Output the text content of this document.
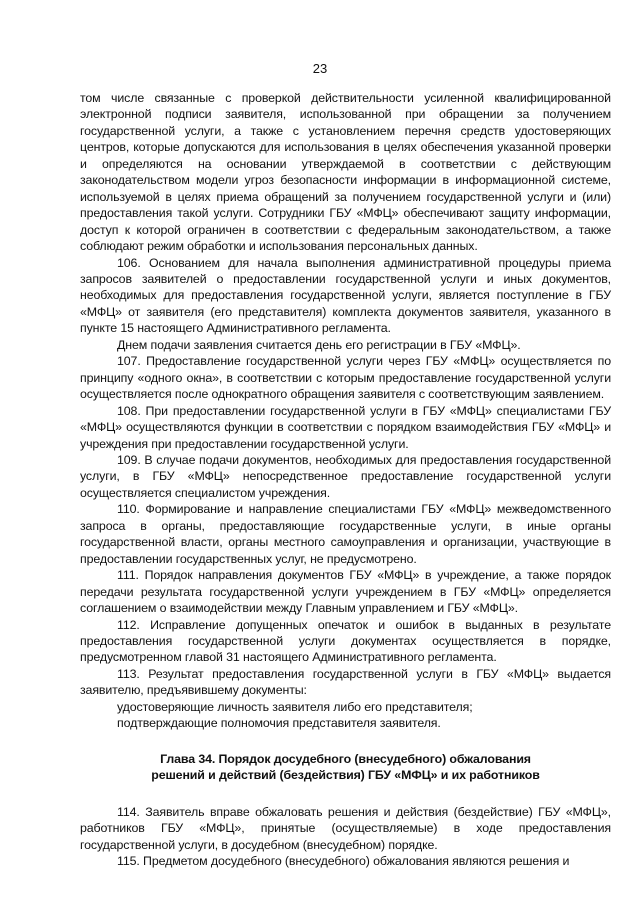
23

том числе связанные с проверкой действительности усиленной квалифицированной электронной подписи заявителя, использованной при обращении за получением государственной услуги, а также с установлением перечня средств удостоверяющих центров, которые допускаются для использования в целях обеспечения указанной проверки и определяются на основании утверждаемой в соответствии с действующим законодательством модели угроз безопасности информации в информационной системе, используемой в целях приема обращений за получением государственной услуги и (или) предоставления такой услуги. Сотрудники ГБУ «МФЦ» обеспечивают защиту информации, доступ к которой ограничен в соответствии с федеральным законодательством, а также соблюдают режим обработки и использования персональных данных.

106. Основанием для начала выполнения административной процедуры приема запросов заявителей о предоставлении государственной услуги и иных документов, необходимых для предоставления государственной услуги, является поступление в ГБУ «МФЦ» от заявителя (его представителя) комплекта документов заявителя, указанного в пункте 15 настоящего Административного регламента.

Днем подачи заявления считается день его регистрации в ГБУ «МФЦ».

107. Предоставление государственной услуги через ГБУ «МФЦ» осуществляется по принципу «одного окна», в соответствии с которым предоставление государственной услуги осуществляется после однократного обращения заявителя с соответствующим заявлением.

108. При предоставлении государственной услуги в ГБУ «МФЦ» специалистами ГБУ «МФЦ» осуществляются функции в соответствии с порядком взаимодействия ГБУ «МФЦ» и учреждения при предоставлении государственной услуги.

109. В случае подачи документов, необходимых для предоставления государственной услуги, в ГБУ «МФЦ» непосредственное предоставление государственной услуги осуществляется специалистом учреждения.

110. Формирование и направление специалистами ГБУ «МФЦ» межведомственного запроса в органы, предоставляющие государственные услуги, в иные органы государственной власти, органы местного самоуправления и организации, участвующие в предоставлении государственных услуг, не предусмотрено.

111. Порядок направления документов ГБУ «МФЦ» в учреждение, а также порядок передачи результата государственной услуги учреждением в ГБУ «МФЦ» определяется соглашением о взаимодействии между Главным управлением и ГБУ «МФЦ».

112. Исправление допущенных опечаток и ошибок в выданных в результате предоставления государственной услуги документах осуществляется в порядке, предусмотренном главой 31 настоящего Административного регламента.

113. Результат предоставления государственной услуги в ГБУ «МФЦ» выдается заявителю, предъявившему документы:

удостоверяющие личность заявителя либо его представителя;

подтверждающие полномочия представителя заявителя.

Глава 34. Порядок досудебного (внесудебного) обжалования
решений и действий (бездействия) ГБУ «МФЦ» и их работников

114. Заявитель вправе обжаловать решения и действия (бездействие) ГБУ «МФЦ», работников ГБУ «МФЦ», принятые (осуществляемые) в ходе предоставления государственной услуги, в досудебном (внесудебном) порядке.

115. Предметом досудебного (внесудебного) обжалования являются решения и
